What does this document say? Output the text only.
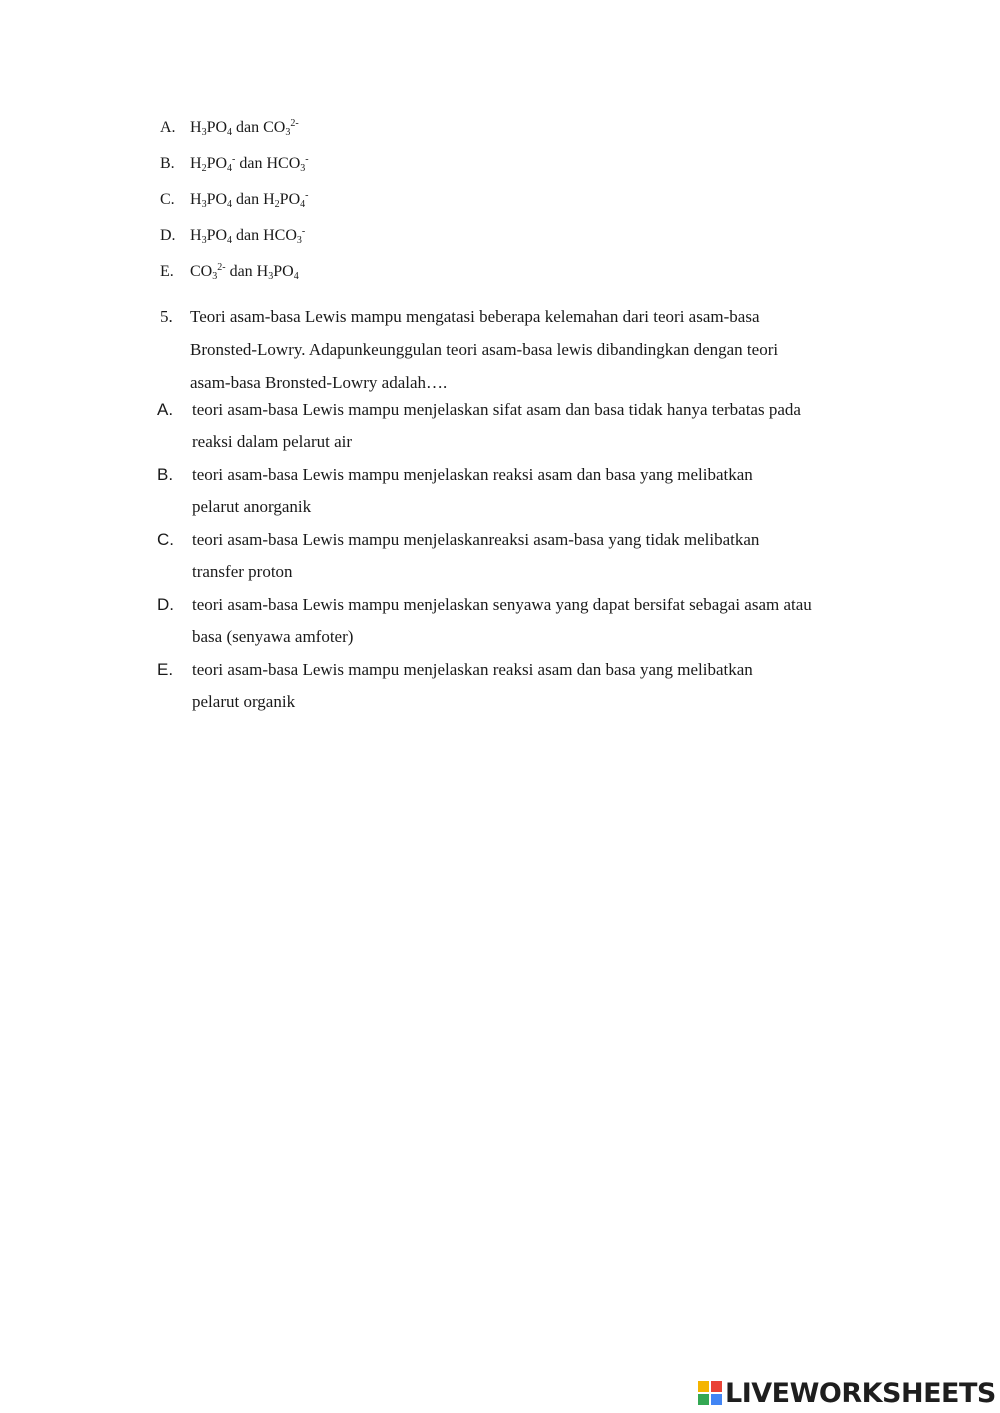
A. $H_3PO_4$ dan $CO_3^{2-}$
B. $H_2PO_4^-$ dan $HCO_3^-$
C. $H_3PO_4$ dan $H_2PO_4^-$
D. $H_3PO_4$ dan $HCO_3^-$
E. $CO_3^{2-}$ dan $H_3PO_4$
5. Teori asam-basa Lewis mampu mengatasi beberapa kelemahan dari teori asam-basa
Bronsted-Lowry. Adapunkeunggulan teori asam-basa lewis dibandingkan dengan teori
asam-basa Bronsted-Lowry adalah….
A. teori asam-basa Lewis mampu menjelaskan sifat asam dan basa tidak hanya terbatas pada
reaksi dalam pelarut air
B. teori asam-basa Lewis mampu menjelaskan reaksi asam dan basa yang melibatkan
pelarut anorganik
C. teori asam-basa Lewis mampu menjelaskanreaksi asam-basa yang tidak melibatkan
transfer proton
D. teori asam-basa Lewis mampu menjelaskan senyawa yang dapat bersifat sebagai asam atau
basa (senyawa amfoter)
E. teori asam-basa Lewis mampu menjelaskan reaksi asam dan basa yang melibatkan
pelarut organik
LIVEWORKSHEETS
